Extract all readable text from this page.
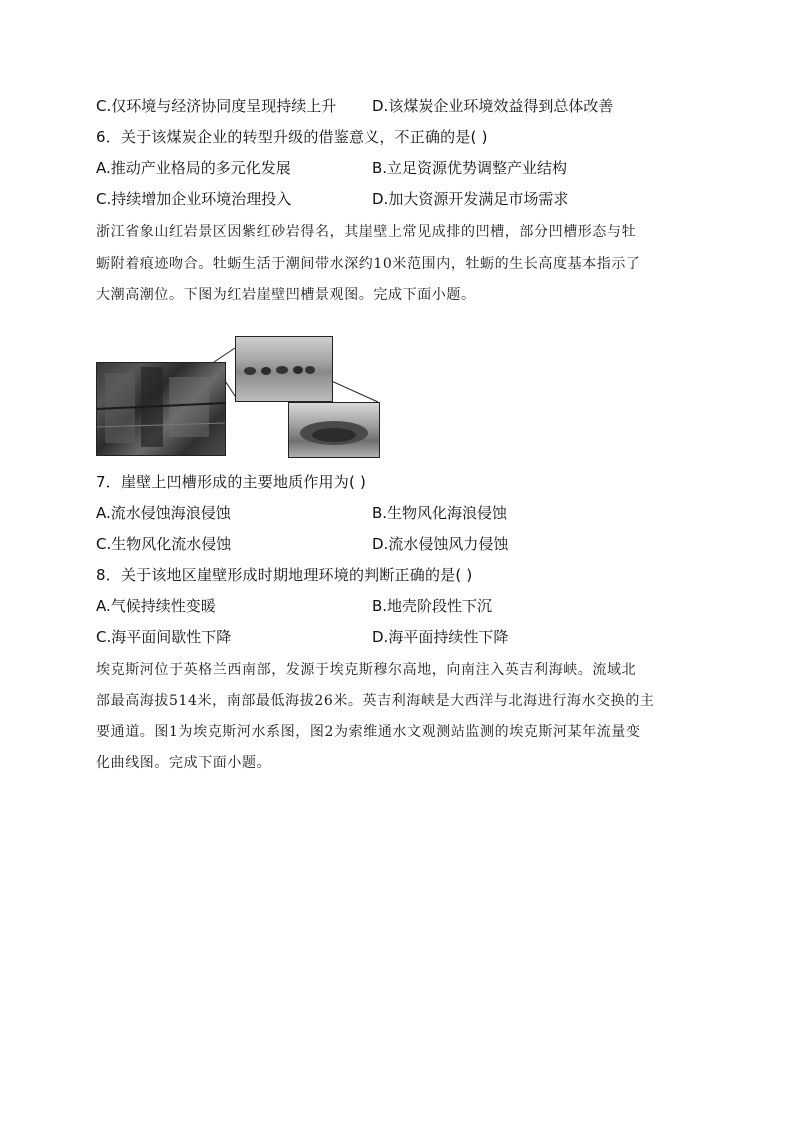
C.仅环境与经济协同度呈现持续上升 D.该煤炭企业环境效益得到总体改善
6．关于该煤炭企业的转型升级的借鉴意义，不正确的是( )
A.推动产业格局的多元化发展	B.立足资源优势调整产业结构
C.持续增加企业环境治理投入	D.加大资源开发满足市场需求
浙江省象山红岩景区因紫红砂岩得名，其崖壁上常见成排的凹槽，部分凹槽形态与牡
蛎附着痕迹吻合。牡蛎生活于潮间带水深约10米范围内，牡蛎的生长高度基本指示了
大潮高潮位。下图为红岩崖壁凹槽景观图。完成下面小题。
7．崖壁上凹槽形成的主要地质作用为( )
A.流水侵蚀海浪侵蚀	B.生物风化海浪侵蚀
C.生物风化流水侵蚀	D.流水侵蚀风力侵蚀
8．关于该地区崖壁形成时期地理环境的判断正确的是( )
A.气候持续性变暖	B.地壳阶段性下沉
C.海平面间歇性下降	D.海平面持续性下降
埃克斯河位于英格兰西南部，发源于埃克斯穆尔高地，向南注入英吉利海峡。流域北
部最高海拔514米，南部最低海拔26米。英吉利海峡是大西洋与北海进行海水交换的主
要通道。图1为埃克斯河水系图，图2为索维通水文观测站监测的埃克斯河某年流量变
化曲线图。完成下面小题。
